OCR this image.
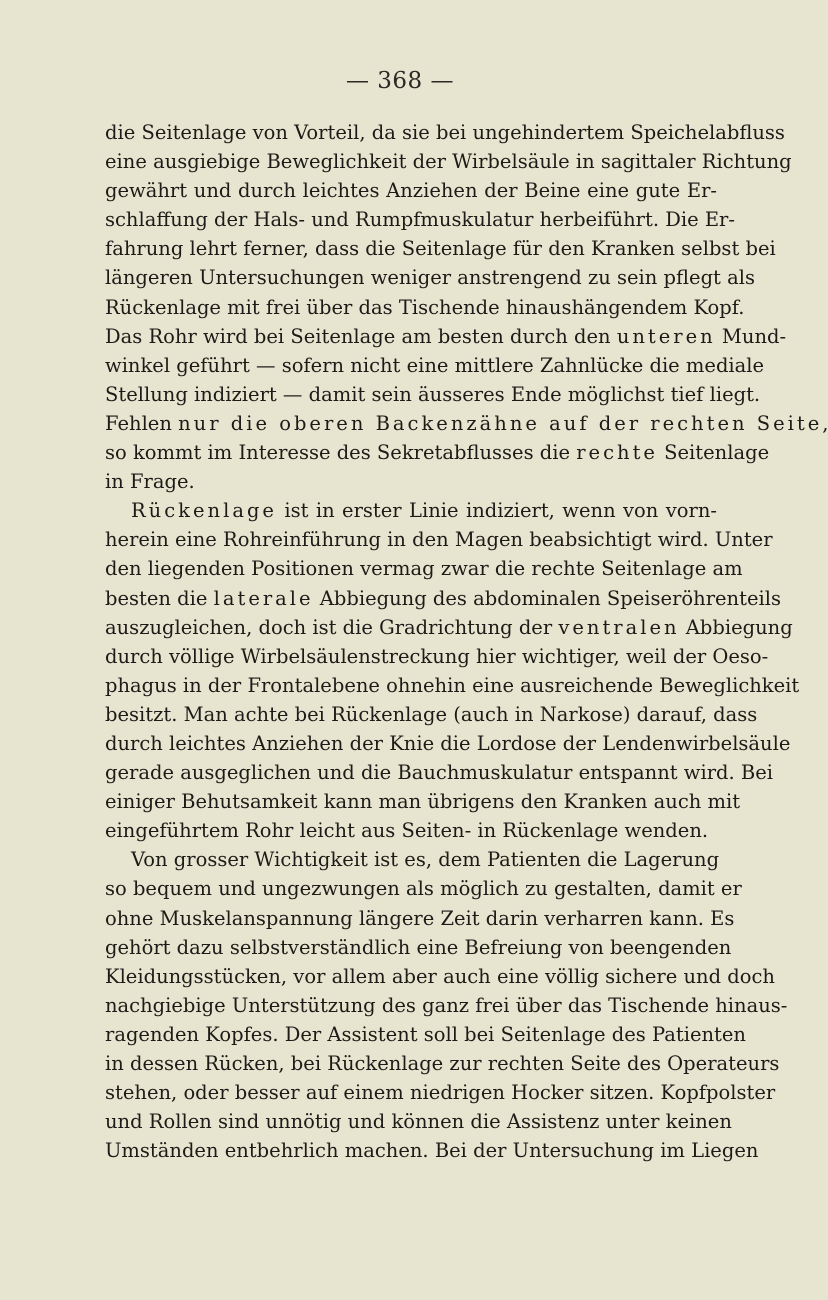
— 368 —
die Seitenlage von Vorteil, da sie bei ungehindertem Speichelabfluss
eine ausgiebige Beweglichkeit der Wirbelsäule in sagittaler Richtung
gewährt und durch leichtes Anziehen der Beine eine gute Er-
schlaffung der Hals- und Rumpfmuskulatur herbeiführt. Die Er-
fahrung lehrt ferner, dass die Seitenlage für den Kranken selbst bei
längeren Untersuchungen weniger anstrengend zu sein pflegt als
Rückenlage mit frei über das Tischende hinaushängendem Kopf.
Das Rohr wird bei Seitenlage am besten durch den unteren Mund-
winkel geführt — sofern nicht eine mittlere Zahnlücke die mediale
Stellung indiziert — damit sein äusseres Ende möglichst tief liegt.
Fehlen nur die oberen Backenzähne auf der rechten Seite,
so kommt im Interesse des Sekretabflusses die rechte Seitenlage
in Frage.
Rückenlage ist in erster Linie indiziert, wenn von vorn-
herein eine Rohreinführung in den Magen beabsichtigt wird. Unter
den liegenden Positionen vermag zwar die rechte Seitenlage am
besten die laterale Abbiegung des abdominalen Speiseröhrenteils
auszugleichen, doch ist die Gradrichtung der ventralen Abbiegung
durch völlige Wirbelsäulenstreckung hier wichtiger, weil der Oeso-
phagus in der Frontalebene ohnehin eine ausreichende Beweglichkeit
besitzt. Man achte bei Rückenlage (auch in Narkose) darauf, dass
durch leichtes Anziehen der Knie die Lordose der Lendenwirbelsäule
gerade ausgeglichen und die Bauchmuskulatur entspannt wird. Bei
einiger Behutsamkeit kann man übrigens den Kranken auch mit
eingeführtem Rohr leicht aus Seiten- in Rückenlage wenden.
Von grosser Wichtigkeit ist es, dem Patienten die Lagerung
so bequem und ungezwungen als möglich zu gestalten, damit er
ohne Muskelanspannung längere Zeit darin verharren kann. Es
gehört dazu selbstverständlich eine Befreiung von beengenden
Kleidungsstücken, vor allem aber auch eine völlig sichere und doch
nachgiebige Unterstützung des ganz frei über das Tischende hinaus-
ragenden Kopfes. Der Assistent soll bei Seitenlage des Patienten
in dessen Rücken, bei Rückenlage zur rechten Seite des Operateurs
stehen, oder besser auf einem niedrigen Hocker sitzen. Kopfpolster
und Rollen sind unnötig und können die Assistenz unter keinen
Umständen entbehrlich machen. Bei der Untersuchung im Liegen
